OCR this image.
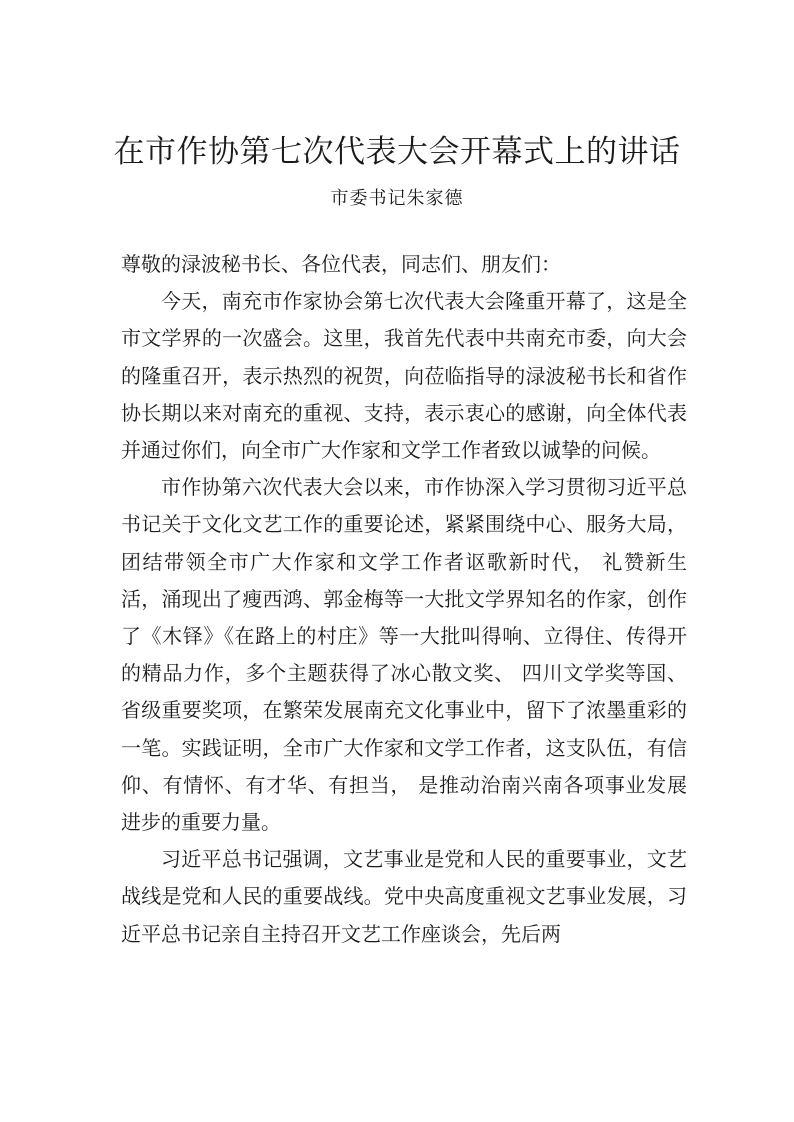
在市作协第七次代表大会开幕式上的讲话
市委书记朱家德

尊敬的渌波秘书长、各位代表，同志们、朋友们：

今天，南充市作家协会第七次代表大会隆重开幕了，这是全市文学界的一次盛会。这里，我首先代表中共南充市委，向大会的隆重召开，表示热烈的祝贺，向莅临指导的渌波秘书长和省作协长期以来对南充的重视、支持，表示衷心的感谢，向全体代表并通过你们，向全市广大作家和文学工作者致以诚挚的问候。

市作协第六次代表大会以来，市作协深入学习贯彻习近平总书记关于文化文艺工作的重要论述，紧紧围绕中心、服务大局，团结带领全市广大作家和文学工作者讴歌新时代， 礼赞新生活，涌现出了瘦西鸿、郭金梅等一大批文学界知名的作家，创作了《木铎》《在路上的村庄》等一大批叫得响、立得住、传得开的精品力作，多个主题获得了冰心散文奖、 四川文学奖等国、省级重要奖项，在繁荣发展南充文化事业中，留下了浓墨重彩的一笔。实践证明，全市广大作家和文学工作者，这支队伍，有信仰、有情怀、有才华、有担当， 是推动治南兴南各项事业发展进步的重要力量。

习近平总书记强调，文艺事业是党和人民的重要事业，文艺战线是党和人民的重要战线。党中央高度重视文艺事业发展，习近平总书记亲自主持召开文艺工作座谈会，先后两
